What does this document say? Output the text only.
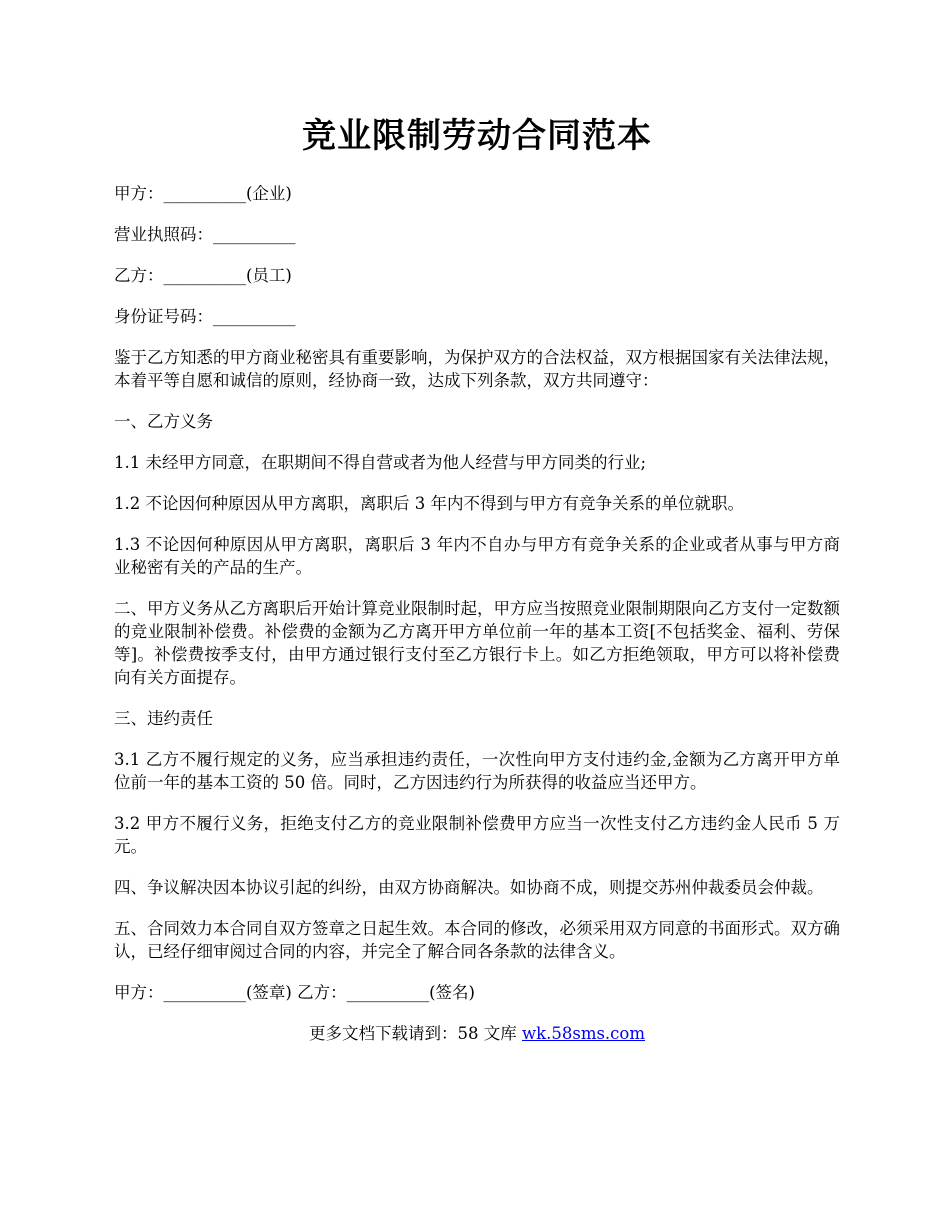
竞业限制劳动合同范本

甲方：__________(企业)

营业执照码：__________

乙方：__________(员工)

身份证号码：__________

鉴于乙方知悉的甲方商业秘密具有重要影响，为保护双方的合法权益，双方根据国家有关法律法规，本着平等自愿和诚信的原则，经协商一致，达成下列条款，双方共同遵守：

一、乙方义务

1.1 未经甲方同意，在职期间不得自营或者为他人经营与甲方同类的行业;

1.2 不论因何种原因从甲方离职，离职后 3 年内不得到与甲方有竞争关系的单位就职。

1.3 不论因何种原因从甲方离职，离职后 3 年内不自办与甲方有竞争关系的企业或者从事与甲方商业秘密有关的产品的生产。

二、甲方义务从乙方离职后开始计算竞业限制时起，甲方应当按照竞业限制期限向乙方支付一定数额的竞业限制补偿费。补偿费的金额为乙方离开甲方单位前一年的基本工资[不包括奖金、福利、劳保等]。补偿费按季支付，由甲方通过银行支付至乙方银行卡上。如乙方拒绝领取，甲方可以将补偿费向有关方面提存。

三、违约责任

3.1 乙方不履行规定的义务，应当承担违约责任，一次性向甲方支付违约金,金额为乙方离开甲方单位前一年的基本工资的 50 倍。同时，乙方因违约行为所获得的收益应当还甲方。

3.2 甲方不履行义务，拒绝支付乙方的竞业限制补偿费甲方应当一次性支付乙方违约金人民币 5 万元。

四、争议解决因本协议引起的纠纷，由双方协商解决。如协商不成，则提交苏州仲裁委员会仲裁。

五、合同效力本合同自双方签章之日起生效。本合同的修改，必须采用双方同意的书面形式。双方确认，已经仔细审阅过合同的内容，并完全了解合同各条款的法律含义。

甲方：__________(签章) 乙方：__________(签名)

更多文档下载请到：58 文库 wk.58sms.com
